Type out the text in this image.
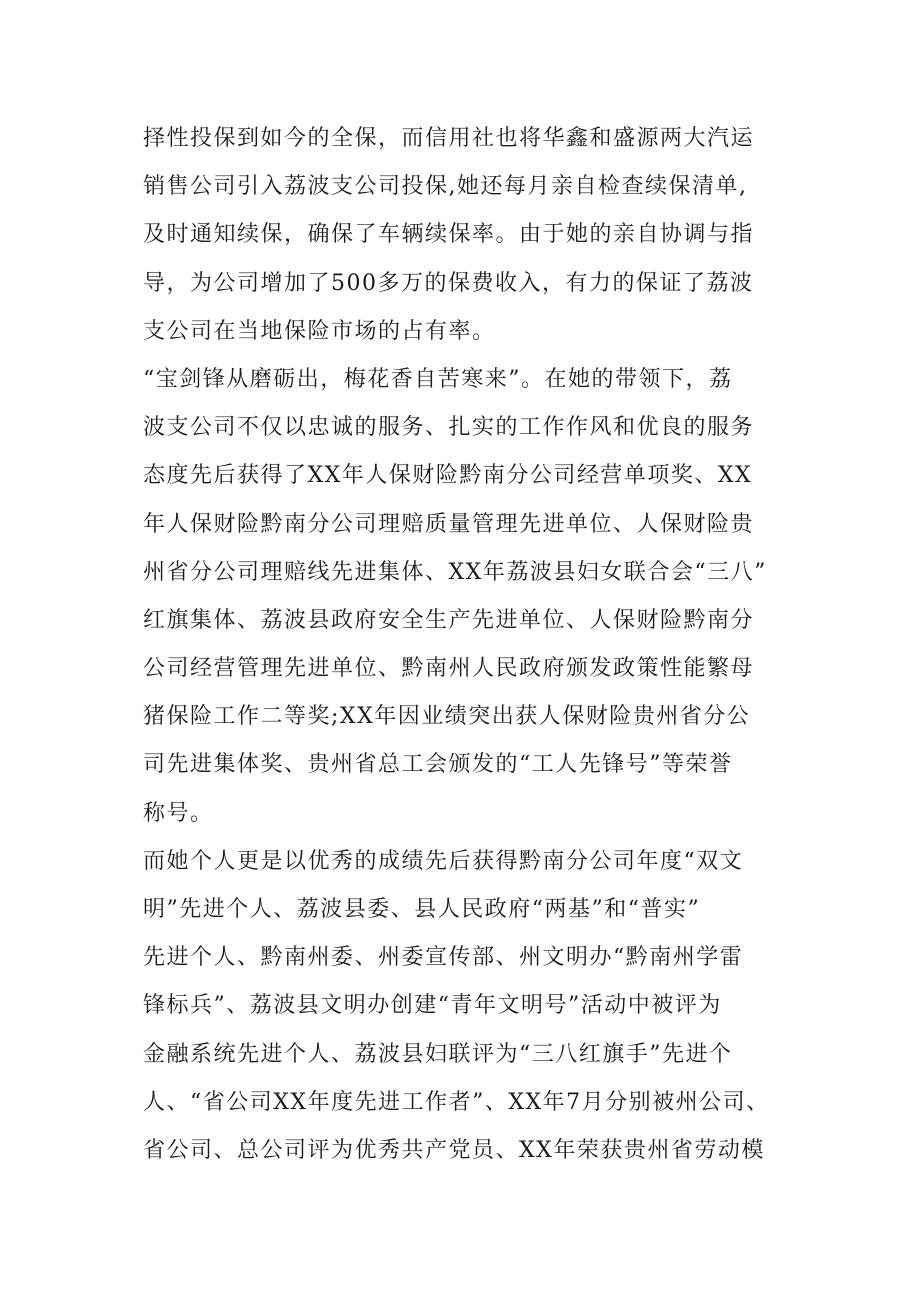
择性投保到如今的全保，而信用社也将华鑫和盛源两大汽运
销售公司引入荔波支公司投保,她还每月亲自检查续保清单,
及时通知续保，确保了车辆续保率。由于她的亲自协调与指
导，为公司增加了500多万的保费收入，有力的保证了荔波
支公司在当地保险市场的占有率。
“宝剑锋从磨砺出，梅花香自苦寒来”。在她的带领下，荔
波支公司不仅以忠诚的服务、扎实的工作作风和优良的服务
态度先后获得了XX年人保财险黔南分公司经营单项奖、XX
年人保财险黔南分公司理赔质量管理先进单位、人保财险贵
州省分公司理赔线先进集体、XX年荔波县妇女联合会“三八”
红旗集体、荔波县政府安全生产先进单位、人保财险黔南分
公司经营管理先进单位、黔南州人民政府颁发政策性能繁母
猪保险工作二等奖;XX年因业绩突出获人保财险贵州省分公
司先进集体奖、贵州省总工会颁发的“工人先锋号”等荣誉
称号。
而她个人更是以优秀的成绩先后获得黔南分公司年度“双文
明”先进个人、荔波县委、县人民政府“两基”和“普实”
先进个人、黔南州委、州委宣传部、州文明办“黔南州学雷
锋标兵”、荔波县文明办创建“青年文明号”活动中被评为
金融系统先进个人、荔波县妇联评为“三八红旗手”先进个
人、“省公司XX年度先进工作者”、XX年7月分别被州公司、
省公司、总公司评为优秀共产党员、XX年荣获贵州省劳动模
